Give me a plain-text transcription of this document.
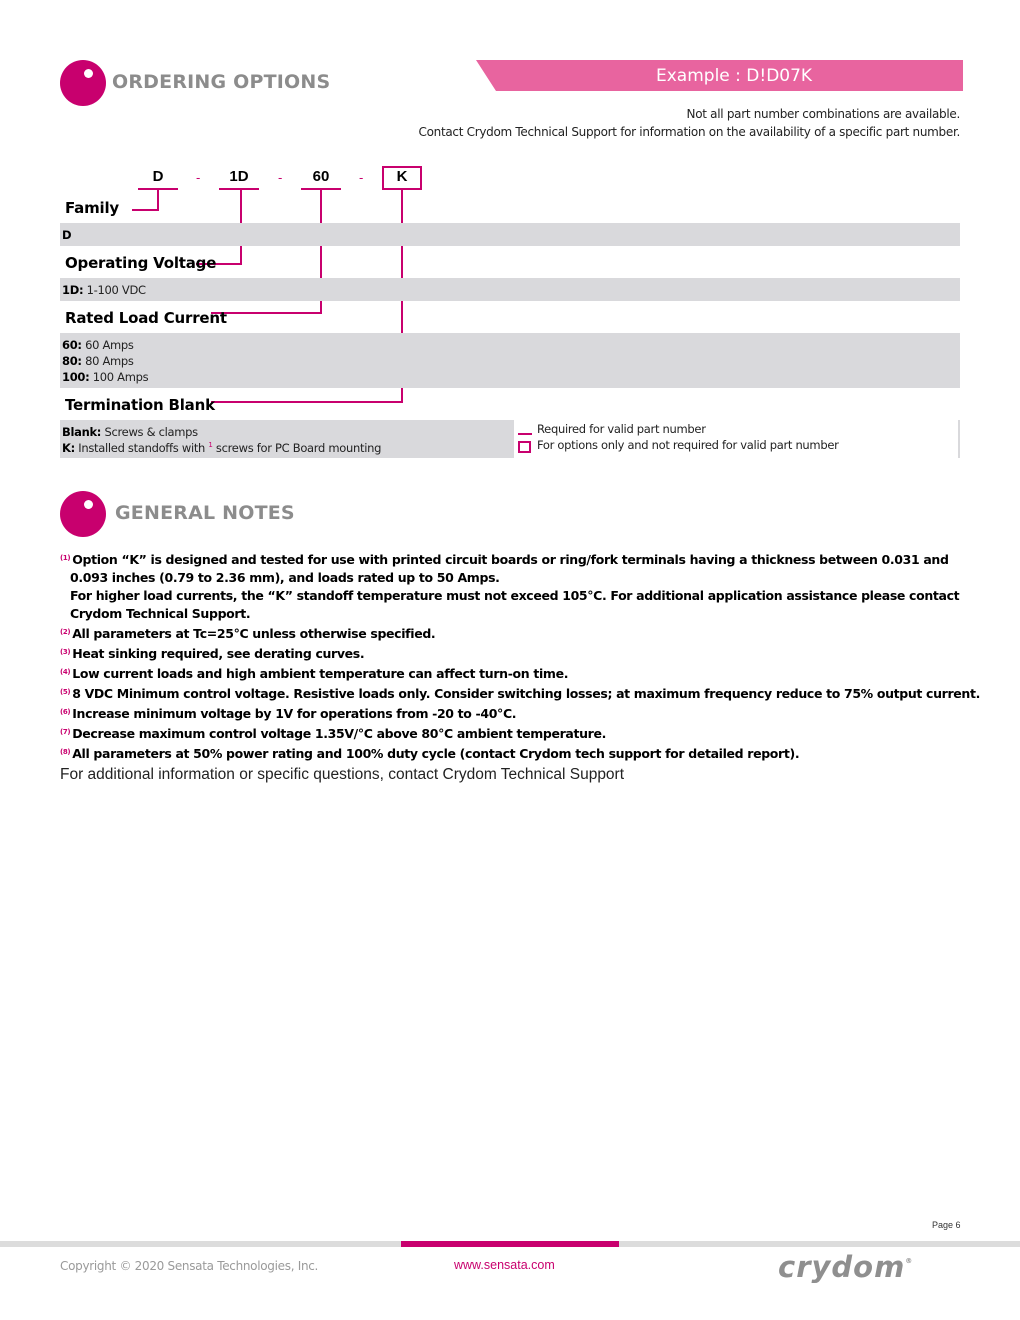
ORDERING OPTIONS	Example : D!D07K
Not all part number combinations are available.
Contact Crydom Technical Support for information on the availability of a specific part number.
D	-	1D	-	60	-	K
Family
D
Operating Voltage
1D: 1-100 VDC
Rated Load Current
60: 60 Amps
80: 80 Amps
100: 100 Amps
Termination Blank
Blank: Screws & clamps
K: Installed standoffs with $^1$ screws for PC Board mounting
Required for valid part number
For options only and not required for valid part number
GENERAL NOTES
$^{(1)}$ Option “K” is designed and tested for use with printed circuit boards or ring/fork terminals having a thickness between 0.031 and
0.093 inches (0.79 to 2.36 mm), and loads rated up to 50 Amps.
For higher load currents, the “K” standoff temperature must not exceed 105°C. For additional application assistance please contact
Crydom Technical Support.
$^{(2)}$ All parameters at Tc=25°C unless otherwise specified.
$^{(3)}$ Heat sinking required, see derating curves.
$^{(4)}$ Low current loads and high ambient temperature can affect turn-on time.
$^{(5)}$ 8 VDC Minimum control voltage. Resistive loads only. Consider switching losses; at maximum frequency reduce to 75% output current.
$^{(6)}$ Increase minimum voltage by 1V for operations from -20 to -40°C.
$^{(7)}$ Decrease maximum control voltage 1.35V/°C above 80°C ambient temperature.
$^{(8)}$ All parameters at 50% power rating and 100% duty cycle (contact Crydom tech support for detailed report).
For additional information or specific questions, contact Crydom Technical Support
Page 6
Copyright © 2020 Sensata Technologies, Inc.	www.sensata.com	crydom®
